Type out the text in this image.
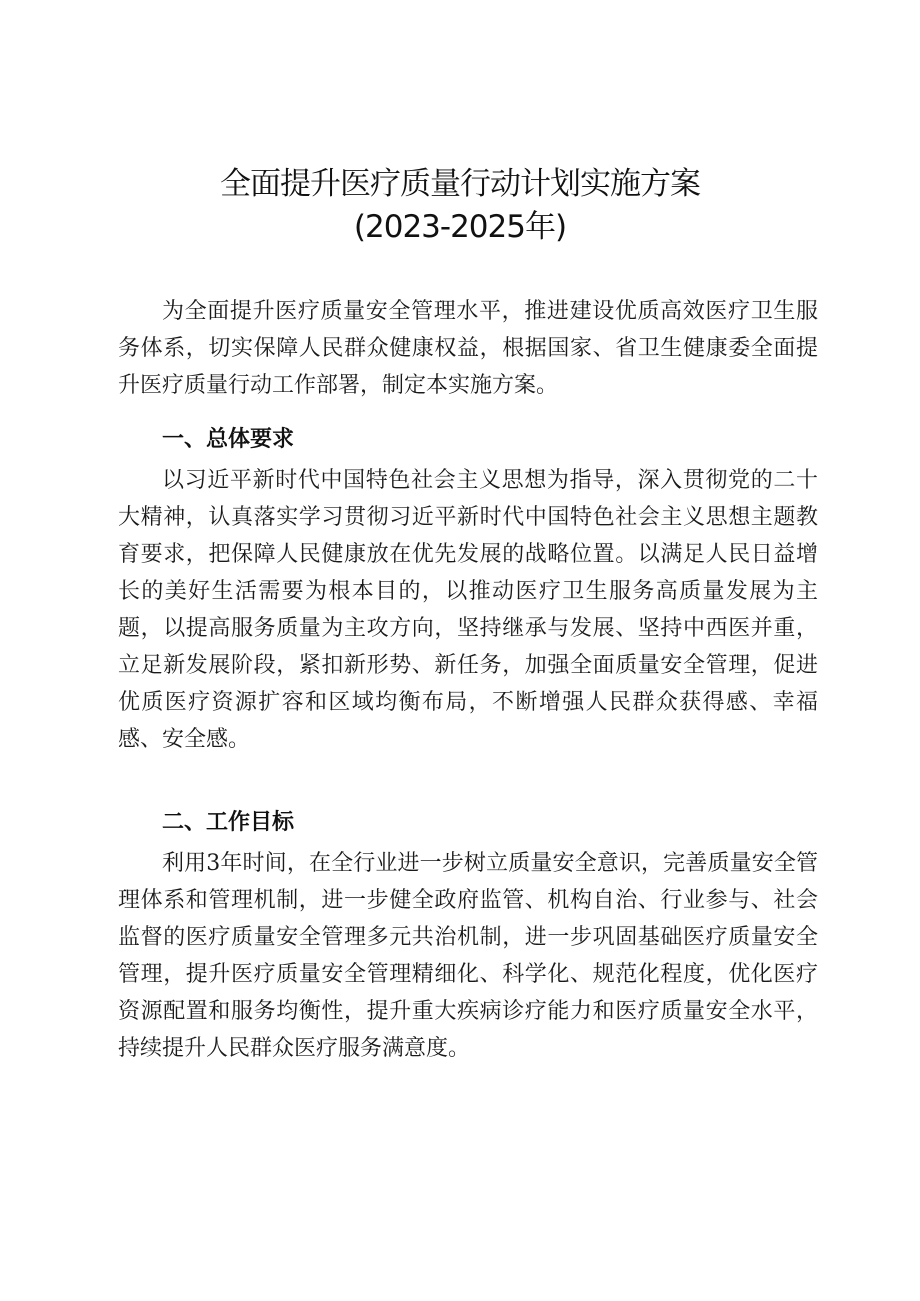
全面提升医疗质量行动计划实施方案
(2023-2025年)

为全面提升医疗质量安全管理水平，推进建设优质高效医疗卫生服务体系，切实保障人民群众健康权益，根据国家、省卫生健康委全面提升医疗质量行动工作部署，制定本实施方案。

一、总体要求

以习近平新时代中国特色社会主义思想为指导，深入贯彻党的二十大精神，认真落实学习贯彻习近平新时代中国特色社会主义思想主题教育要求，把保障人民健康放在优先发展的战略位置。以满足人民日益增长的美好生活需要为根本目的，以推动医疗卫生服务高质量发展为主题，以提高服务质量为主攻方向，坚持继承与发展、坚持中西医并重，立足新发展阶段，紧扣新形势、新任务，加强全面质量安全管理，促进优质医疗资源扩容和区域均衡布局，不断增强人民群众获得感、幸福感、安全感。

二、工作目标

利用3年时间，在全行业进一步树立质量安全意识，完善质量安全管理体系和管理机制，进一步健全政府监管、机构自治、行业参与、社会监督的医疗质量安全管理多元共治机制，进一步巩固基础医疗质量安全管理，提升医疗质量安全管理精细化、科学化、规范化程度，优化医疗资源配置和服务均衡性，提升重大疾病诊疗能力和医疗质量安全水平，持续提升人民群众医疗服务满意度。
